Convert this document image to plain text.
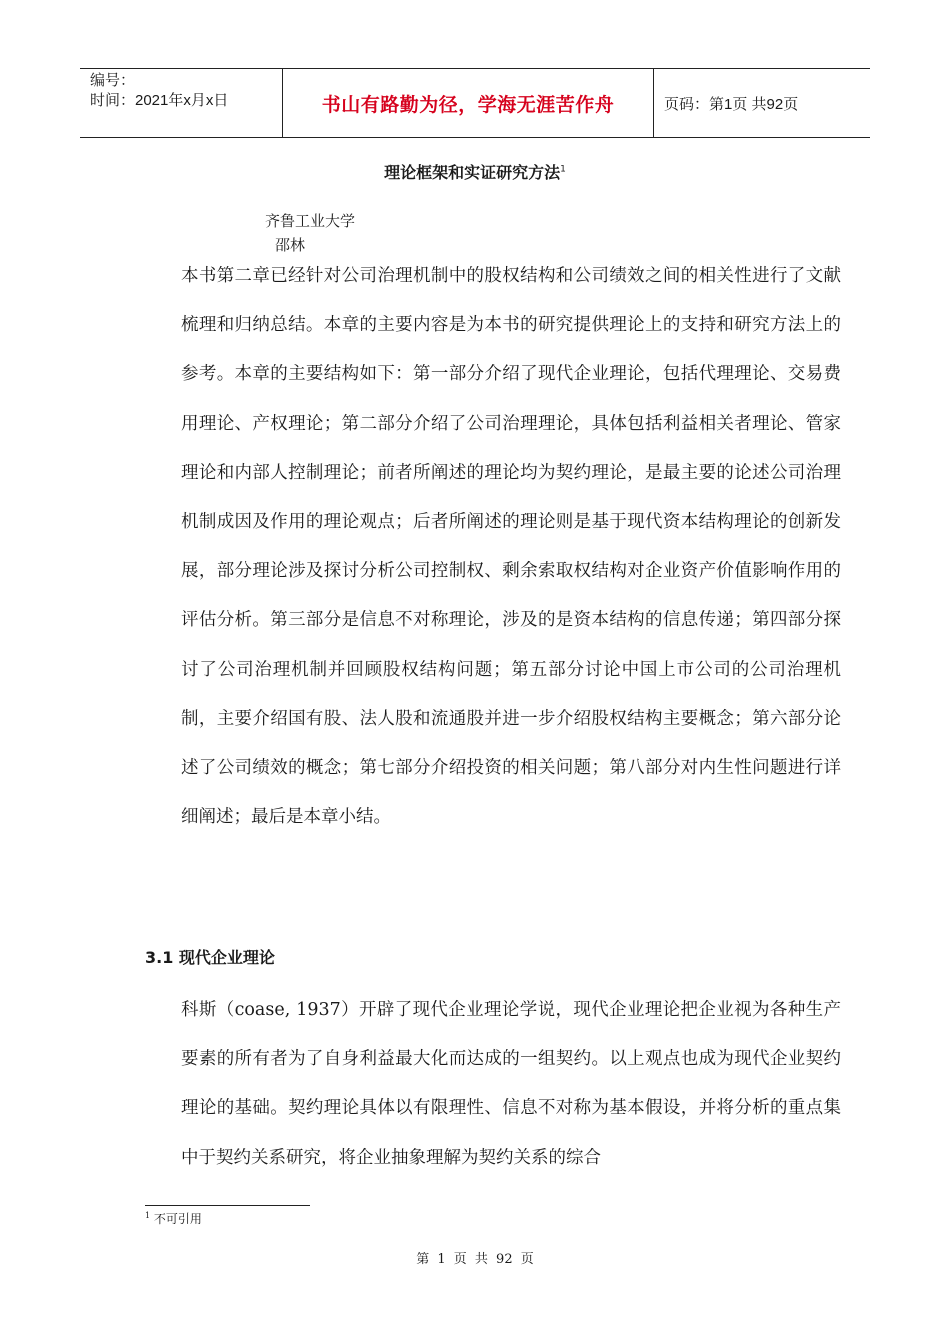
编号：
时间：2021年x月x日	书山有路勤为径，学海无涯苦作舟	页码：第1页 共92页
理论框架和实证研究方法$^1$
齐鲁工业大学
邵林
本书第二章已经针对公司治理机制中的股权结构和公司绩效之间的相关性进行了文献梳理和归纳总结。本章的主要内容是为本书的研究提供理论上的支持和研究方法上的参考。本章的主要结构如下：第一部分介绍了现代企业理论，包括代理理论、交易费用理论、产权理论；第二部分介绍了公司治理理论，具体包括利益相关者理论、管家理论和内部人控制理论；前者所阐述的理论均为契约理论，是最主要的论述公司治理机制成因及作用的理论观点；后者所阐述的理论则是基于现代资本结构理论的创新发展，部分理论涉及探讨分析公司控制权、剩余索取权结构对企业资产价值影响作用的评估分析。第三部分是信息不对称理论，涉及的是资本结构的信息传递；第四部分探讨了公司治理机制并回顾股权结构问题；第五部分讨论中国上市公司的公司治理机制，主要介绍国有股、法人股和流通股并进一步介绍股权结构主要概念；第六部分论述了公司绩效的概念；第七部分介绍投资的相关问题；第八部分对内生性问题进行详细阐述；最后是本章小结。
3.1 现代企业理论
科斯（coase, 1937）开辟了现代企业理论学说，现代企业理论把企业视为各种生产要素的所有者为了自身利益最大化而达成的一组契约。以上观点也成为现代企业契约理论的基础。契约理论具体以有限理性、信息不对称为基本假设，并将分析的重点集中于契约关系研究，将企业抽象理解为契约关系的综合
$^1$ 不可引用
第 1 页 共 92 页
